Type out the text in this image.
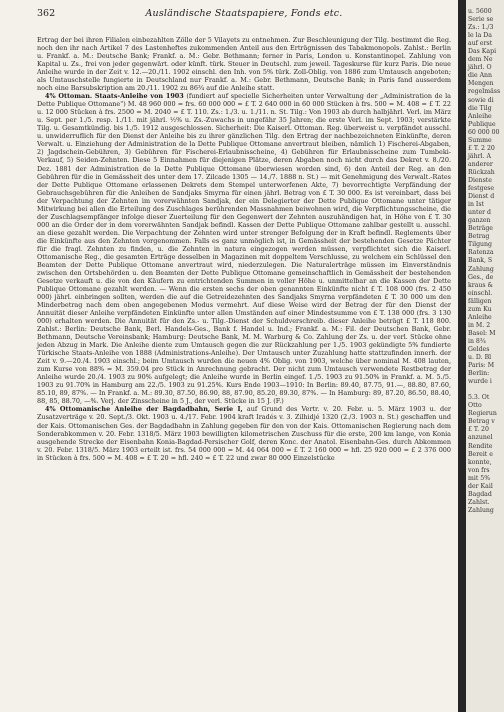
362	Ausländische Staatspapiere, Fonds etc.

Ertrag der bei ihren Filialen einbezahlten Zölle der 5 Vilayets zu entnehmen. Zur Beschleunigung der Tilg. bestimmt die Reg. noch den ihr nach Artikel 7 des Lastenheftes zukommenden Anteil aus den Erträgnissen des Tabakmonopols. Zahlst.: Berlin u. Frankf. a. M.: Deutsche Bank; Frankf. a. M.: Gebr. Bethmann; ferner in Paris, London u. Konstantinopel. Zahlung von Kapital u. Zs., frei von jeder gegenwärt. oder künft. türk. Steuer in Deutschl. zum jeweil. Tageskurse für kurz Paris. Die neue Anleihe wurde in der Zeit v. 12.—20./11. 1902 einschl. den Inh. von 5% türk. Zoll-Oblig. von 1886 zum Umtausch angeboten; als Umtauschstelle fungierte in Deutschland nur Frankf. a. M.: Gebr. Bethmann, Deutsche Bank; in Paris fand ausserdem noch eine Barsubskription am 20./11. 1902 zu 86¾ auf die Anleihe statt.

4% Ottoman. Staats-Anleihe von 1903 (fundiert auf specielle Sicherheiten unter Verwaltung der „Administration de la Dette Publique Ottomane") M. 48 960 000 = frs. 60 000 000 = £ T. 2 640 000 in 60 000 Stücken à frs. 500 = M. 408 = £ T. 22 u. 12 000 Stücken à frs. 2500 = M. 2040 = £ T. 110. Zs.: 1./3. u. 1./11. n. St. Tilg.: Von 1903 ab durch halbjährl. Verl. im März u. Sept. per 1./5. resp. 1./11. mit jährl. ½% u. Zs.-Zuwachs in ungefähr 35 Jahren; die erste Verl. im Sept. 1903; verstärkte Tilg. u. Gesamtkündig. bis 1./5. 1912 ausgeschlossen. Sicherheit: Die Kaiserl. Ottoman. Reg. überweist u. verpfändet ausschl. u. unwiderruflich für den Dienst der Anleihe bis zu ihrer gänzlichen Tilg. den Ertrag der nachbezeichneten Einkünfte, deren Verwalt. u. Einziehung der Administration de la Dette Publique Ottomane anvertraut bleiben, nämlich 1) Fischerei-Abgaben, 2) Jagdschein-Gebühren, 3) Gebühren für Fischerei-Erlaubnisscheine, 4) Gebühren für Erlaubnisscheine zum Tumbeki-Verkauf, 5) Seiden-Zehnten. Diese 5 Einnahmen für diejenigen Plätze, deren Abgaben noch nicht durch das Dekret v. 8./20. Dez. 1881 der Administration de la Dette Publique Ottomane überwiesen worden sind, 6) den Anteil der Reg. an den Gebühren für die in Gemässheit des unter dem 17. Zilcade 1305 — 14./7. 1888 n. St.) — mit Genehmigung des Verwalt.-Rates der Dette Publique Ottomane erlassenen Dekrets dem Stempel unterworfenen Akte, 7) bevorrechtigte Verpfändung der Gebrauchsgebühren für die Anleihen de Sandjaks Smyrna für einen jährl. Betrag von £ T. 30 000. Es ist vereinbart, dass bei der Verpachtung der Zehnten im vorerwähnten Sandjak, der ein Delegierter der Dette Publique Ottomane unter tätiger Mitwirkung bei allen die Erteilung des Zuschlages berührenden Massnahmen beiwohnen wird, die Verpflichtungsscheine, die der Zuschlagsempfänger infolge dieser Zuerteilung für den Gegenwert der Zehnten auszuhändigen hat, in Höhe von £ T. 30 000 an die Order der in dem vorerwähnten Sandjak befindl. Kassen der Dette Publique Ottomane zahlbar gestellt u. ausschl. an diese gezahlt werden. Die Verpachtung der Zehnten wird unter strenger Befolgung der in Kraft befindl. Reglements über die Einkünfte aus den Zehnten vorgenommen. Falls es ganz unmöglich ist, in Gemässheit der bestehenden Gesetze Pächter für die fragl. Zehnten zu finden, u. die Zehnten in natura eingezogen werden müssen, verpflichtet sich die Kaiserl. Ottomanische Reg., die gesamten Erträge desselben in Magazinen mit doppeltem Verschlusse, zu welchem ein Schlüssel den Beamten der Dette Publique Ottomane anvertraut wird, niederzulegen. Die Naturalerträge müssen im Einverständnis zwischen den Ortsbehörden u. den Beamten der Dette Publique Ottomane gemeinschaftlich in Gemässheit der bestehenden Gesetze verkauft u. die von den Käufern zu entrichtenden Summen in voller Höhe u. unmittelbar an die Kassen der Dette Publique Ottomane gezahlt werden. — Wenn die ersten sechs der oben genannten Einkünfte nicht £ T. 108 000 (frs. 2 450 000) jährl. einbringen sollten, werden die auf die Getreidezehnten des Sandjaks Smyrna verpfändeten £ T. 30 000 um den Minderbetrag nach dem oben angegebenen Modus vermehrt. Auf diese Weise wird der Betrag der für den Dienst der Annuität dieser Anleihe verpfändeten Einkünfte unter allen Umständen auf einer Mindestsumme von £ T. 138 000 (frs. 3 130 000) erhalten werden. Die Annuität für den Zs.- u. Tilg.-Dienst der Schuldverschreib. dieser Anleihe beträgt £ T. 118 800. Zahlst.: Berlin: Deutsche Bank, Berl. Handels-Ges., Bank f. Handel u. Ind.; Frankf. a. M.: Fil. der Deutschen Bank, Gebr. Bethmann, Deutsche Vereinsbank; Hamburg: Deutsche Bank, M. M. Warburg & Co. Zahlung der Zs. u. der verl. Stücke ohne jeden Abzug in Mark. Die Anleihe diente zum Umtausch gegen die zur Rückzahlung per 1./5. 1903 gekündigte 5% fundierte Türkische Staats-Anleihe von 1888 (Administrations-Anleihe). Der Umtausch unter Zuzahlung hatte stattzufinden innerh. der Zeit v. 9.—20./4. 1903 einschl.; beim Umtausch wurden die neuen 4% Oblig. von 1903, welche über nominal M. 408 lauten, zum Kurse von 88% = M. 359.04 pro Stück in Anrechnung gebracht. Der nicht zum Umtausch verwendete Restbetrag der Anleihe wurde 20./4. 1903 zu 90% aufgelegt; die Anleihe wurde in Berlin eingef. 1./5. 1903 zu 91.50% in Frankf. a. M. 5./5. 1903 zu 91.70% in Hamburg am 22./5. 1903 zu 91.25%. Kurs Ende 1903—1910: In Berlin: 89.40, 87.75, 91.—, 88.80, 87.60, 85.10, 89, 87%. — In Frankf. a. M.: 89.30, 87.50, 86.90, 88, 87.90, 85.20, 89.30, 87%. — In Hamburg: 89, 87.20, 86.50, 88.40, 88, 85, 88.70, —%. Verj. der Zinsscheine in 5 J., der verl. Stücke in 15 J. (F.)

4% Ottomanische Anleihe der Bagdadbahn, Serie I, auf Grund des Vertr. v. 20. Febr. u. 5. März 1903 u. der Zusatzverträge v. 20. Sept./3. Okt. 1903 u. 4./17. Febr. 1904 kraft Iradés v. 3. Zilhidjé 1320 (2./3. 1903 n. St.) geschaffen und der Kais. Ottomanischen Ges. der Bagdadbahn in Zahlung gegeben für den von der Kais. Ottomanischen Regierung nach dem Sonderabkommen v. 20. Febr. 1318/5. März 1903 bewilligten kilometrischen Zuschuss für die erste, 200 km lange, von Konia ausgehende Strecke der Eisenbahn Konia-Bagdad-Persischer Golf, deren Konc. der Anatol. Eisenbahn-Ges. durch Abkommen v. 20. Febr. 1318/5. März 1903 erteilt ist. frs. 54 000 000 = M. 44 064 000 = £ T. 2 160 000 = hfl. 25 920 000 = £ 2 376 000 in Stücken à frs. 500 = M. 408 = £ T. 20 = hfl. 240 = £ T. 22 und zwar 80 000 Einzelstücke

u. 5600
Serie se
Zs.: 1./3
le la Da
auf erst
Das Kapi
dem Ne
jährl. O
die Ann
Mengen
regelmäss
sowie di
die Tilg
Anleihe
Publique
60 000 00
Summe
£ T. 2 20
jährl. A
anderer
Rückzah
Dienste
festgese
Dienst d
in Ist
unter d
ganzen
Beträge
Betrag
Tilgung
Ratenza
Bank, S
Zahlung
Ges., de
kraus &
einschl.
fälligen
zum Ku
Anleihe
in M. 2
Basel: M
in 8¾
Geldes
u. D. Bl
Paris: M
Berlin:
wurde i
5.3. Ot
Otto
Regierun
Betrag v
£ T. 20
anzunel
Rendite
Bereit e
konnte,
von frs
mit 5%
der Kail
Bagdad
Zahlst.
Zahlung
